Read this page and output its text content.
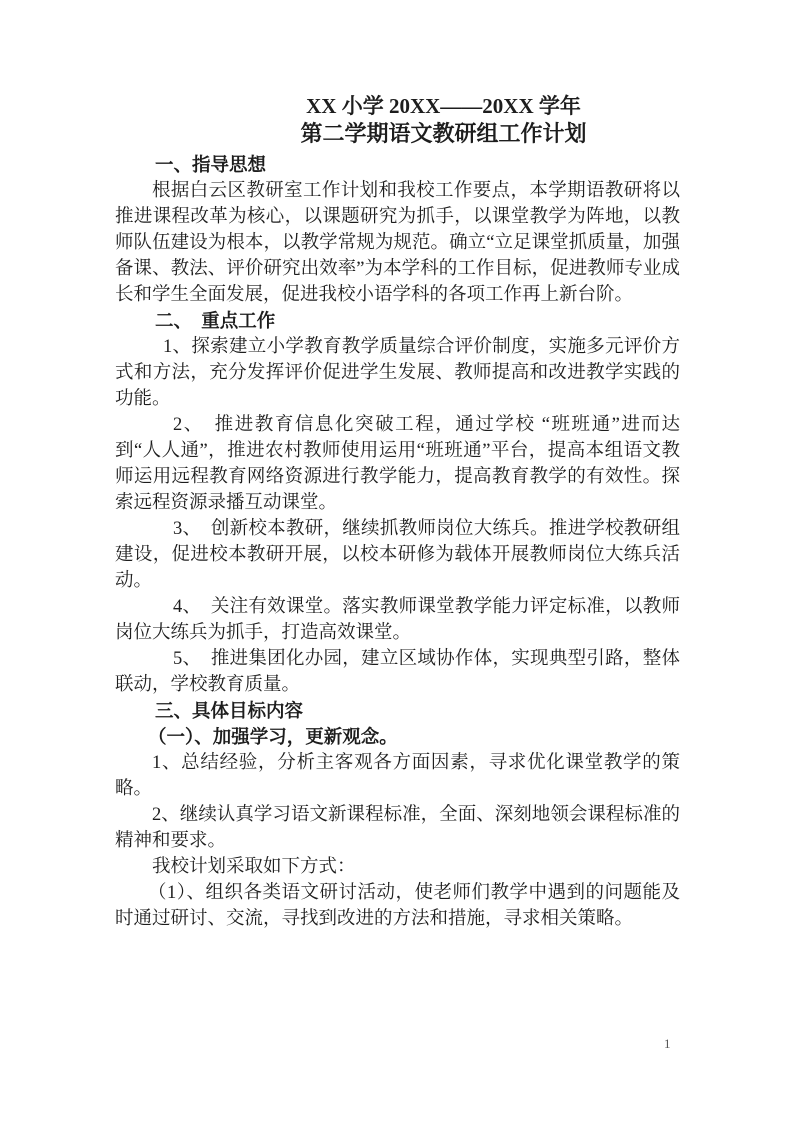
XX 小学 20XX——20XX 学年
第二学期语文教研组工作计划
一、指导思想
根据白云区教研室工作计划和我校工作要点，本学期语教研将以推进课程改革为核心，以课题研究为抓手，以课堂教学为阵地，以教师队伍建设为根本，以教学常规为规范。确立“立足课堂抓质量，加强备课、教法、评价研究出效率”为本学科的工作目标，促进教师专业成长和学生全面发展，促进我校小语学科的各项工作再上新台阶。
二、　重点工作
1、探索建立小学教育教学质量综合评价制度，实施多元评价方式和方法，充分发挥评价促进学生发展、教师提高和改进教学实践的功能。
2、　推进教育信息化突破工程，通过学校 “班班通”进而达到“人人通”，推进农村教师使用运用“班班通”平台，提高本组语文教师运用远程教育网络资源进行教学能力，提高教育教学的有效性。探索远程资源录播互动课堂。
3、　创新校本教研，继续抓教师岗位大练兵。推进学校教研组建设，促进校本教研开展，以校本研修为载体开展教师岗位大练兵活动。
4、　关注有效课堂。落实教师课堂教学能力评定标准，以教师岗位大练兵为抓手，打造高效课堂。
5、　推进集团化办园，建立区域协作体，实现典型引路，整体联动，学校教育质量。
三、具体目标内容
（一）、加强学习，更新观念。
1、总结经验，分析主客观各方面因素，寻求优化课堂教学的策略。
2、继续认真学习语文新课程标准，全面、深刻地领会课程标准的精神和要求。
我校计划采取如下方式：
（1）、组织各类语文研讨活动，使老师们教学中遇到的问题能及时通过研讨、交流，寻找到改进的方法和措施，寻求相关策略。
1
